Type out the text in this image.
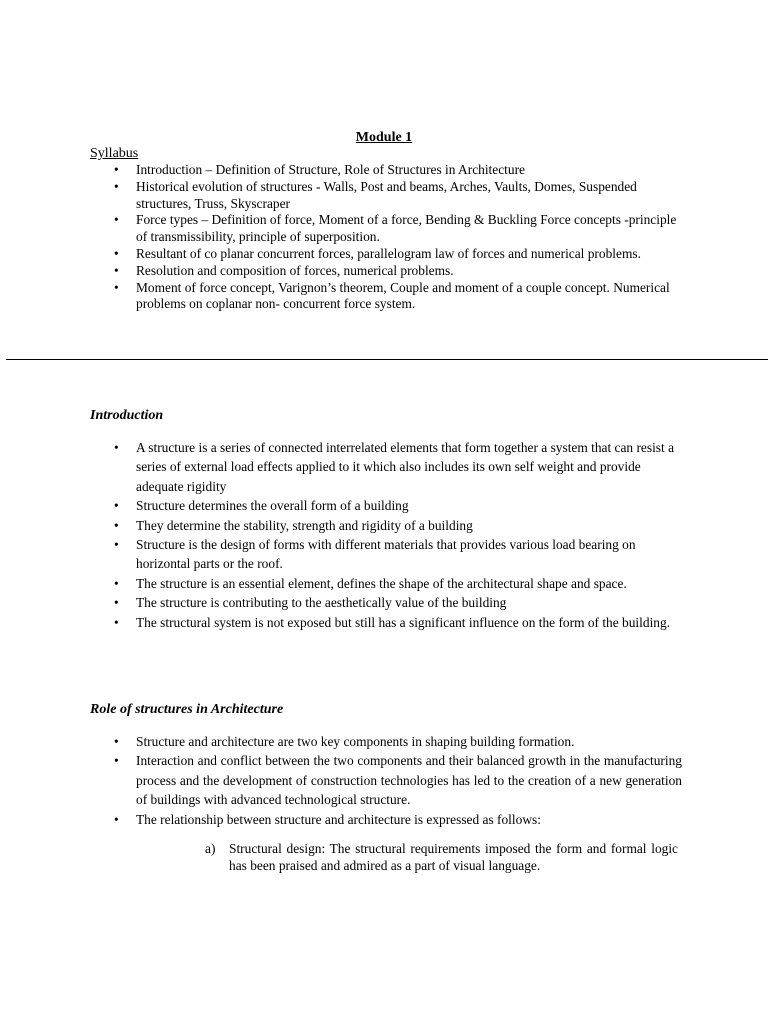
Module 1
Syllabus
• Introduction – Definition of Structure, Role of Structures in Architecture
• Historical evolution of structures - Walls, Post and beams, Arches, Vaults, Domes, Suspended structures, Truss, Skyscraper
• Force types – Definition of force, Moment of a force, Bending & Buckling Force concepts -principle of transmissibility, principle of superposition.
• Resultant of co planar concurrent forces, parallelogram law of forces and numerical problems.
• Resolution and composition of forces, numerical problems.
• Moment of force concept, Varignon’s theorem, Couple and moment of a couple concept. Numerical problems on coplanar non- concurrent force system.
Introduction
• A structure is a series of connected interrelated elements that form together a system that can resist a series of external load effects applied to it which also includes its own self weight and provide adequate rigidity
• Structure determines the overall form of a building
• They determine the stability, strength and rigidity of a building
• Structure is the design of forms with different materials that provides various load bearing on horizontal parts or the roof.
• The structure is an essential element, defines the shape of the architectural shape and space.
• The structure is contributing to the aesthetically value of the building
• The structural system is not exposed but still has a significant influence on the form of the building.
Role of structures in Architecture
• Structure and architecture are two key components in shaping building formation.
• Interaction and conflict between the two components and their balanced growth in the manufacturing process and the development of construction technologies has led to the creation of a new generation of buildings with advanced technological structure.
• The relationship between structure and architecture is expressed as follows:
a) Structural design: The structural requirements imposed the form and formal logic has been praised and admired as a part of visual language.
